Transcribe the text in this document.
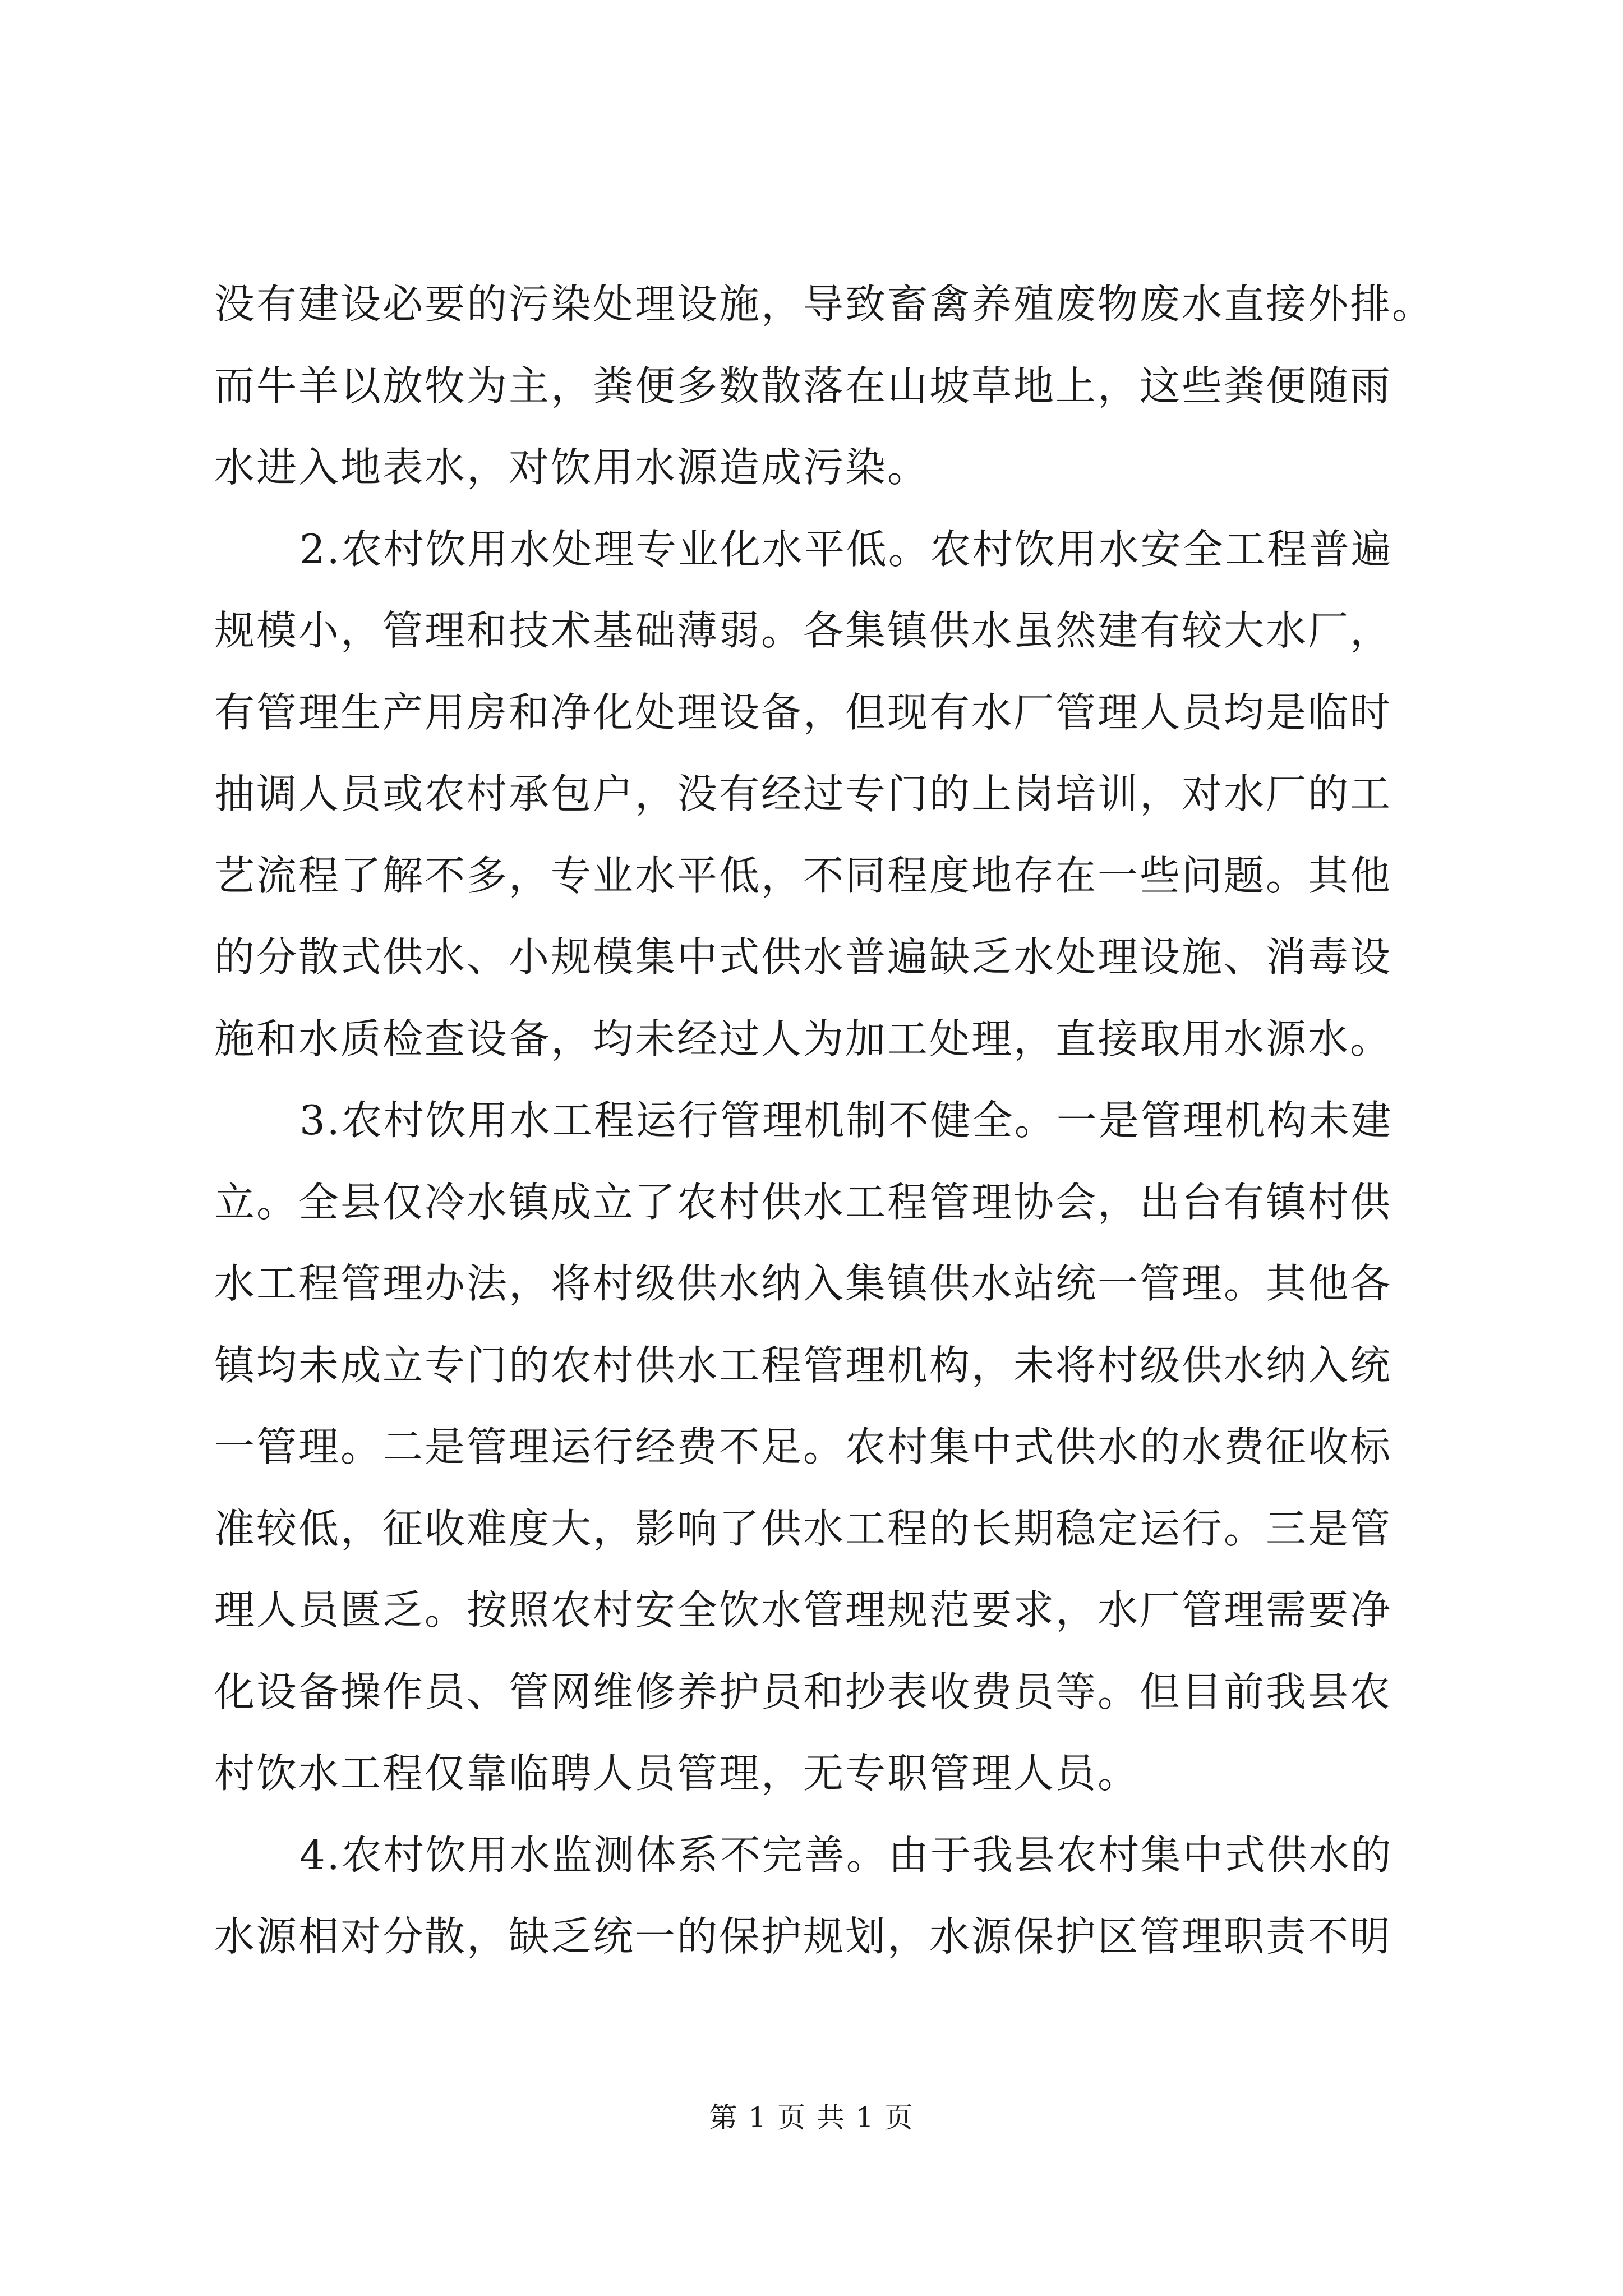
没有建设必要的污染处理设施，导致畜禽养殖废物废水直接外排。
而牛羊以放牧为主，粪便多数散落在山坡草地上，这些粪便随雨
水进入地表水，对饮用水源造成污染。
2.农村饮用水处理专业化水平低。农村饮用水安全工程普遍
规模小，管理和技术基础薄弱。各集镇供水虽然建有较大水厂，
有管理生产用房和净化处理设备，但现有水厂管理人员均是临时
抽调人员或农村承包户，没有经过专门的上岗培训，对水厂的工
艺流程了解不多，专业水平低，不同程度地存在一些问题。其他
的分散式供水、小规模集中式供水普遍缺乏水处理设施、消毒设
施和水质检查设备，均未经过人为加工处理，直接取用水源水。
3.农村饮用水工程运行管理机制不健全。一是管理机构未建
立。全县仅冷水镇成立了农村供水工程管理协会，出台有镇村供
水工程管理办法，将村级供水纳入集镇供水站统一管理。其他各
镇均未成立专门的农村供水工程管理机构，未将村级供水纳入统
一管理。二是管理运行经费不足。农村集中式供水的水费征收标
准较低，征收难度大，影响了供水工程的长期稳定运行。三是管
理人员匮乏。按照农村安全饮水管理规范要求，水厂管理需要净
化设备操作员、管网维修养护员和抄表收费员等。但目前我县农
村饮水工程仅靠临聘人员管理，无专职管理人员。
4.农村饮用水监测体系不完善。由于我县农村集中式供水的
水源相对分散，缺乏统一的保护规划，水源保护区管理职责不明
第 1 页 共 1 页
